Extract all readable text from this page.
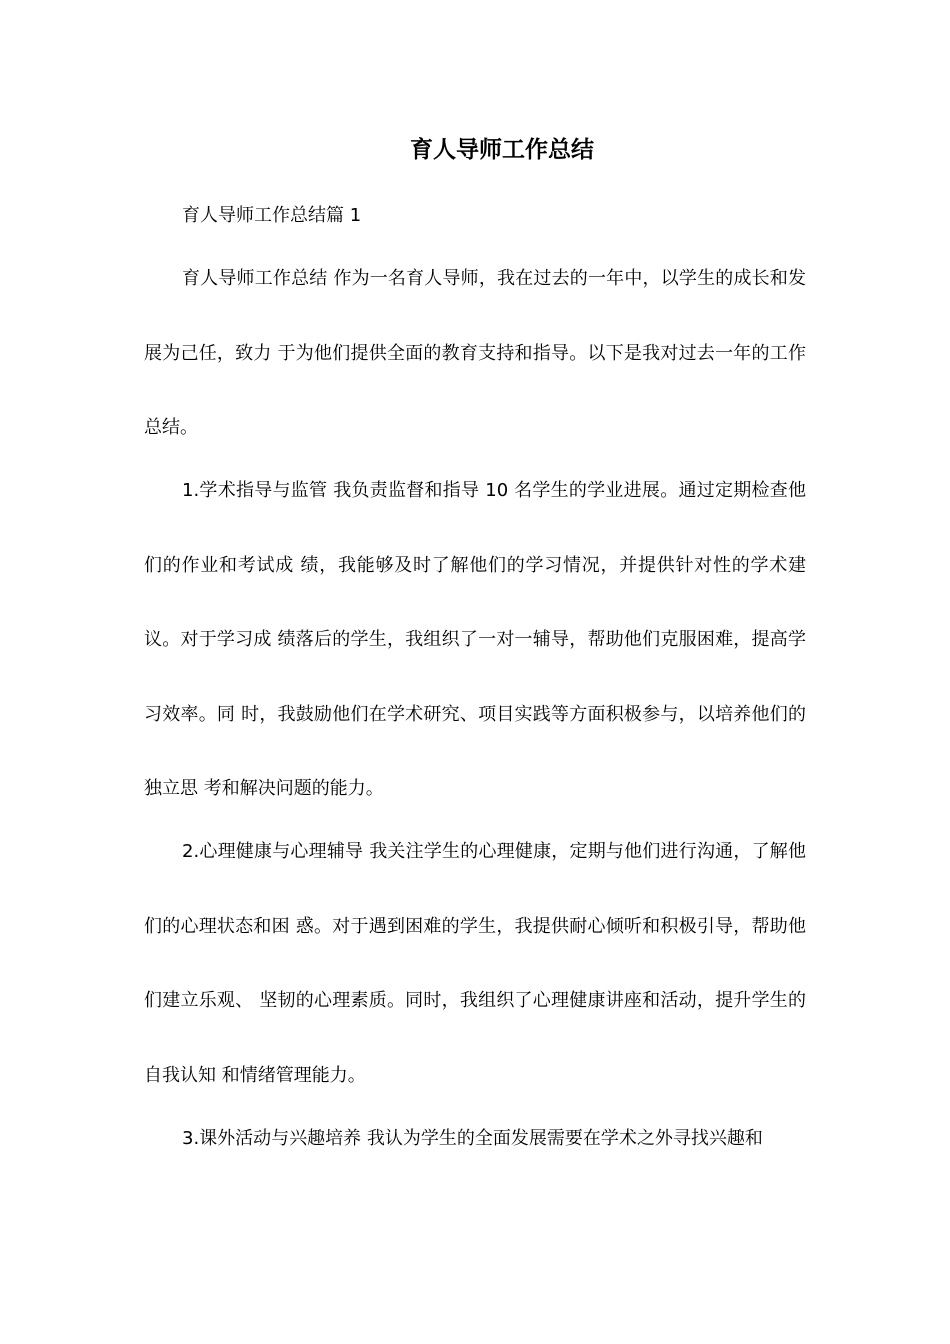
育人导师工作总结

育人导师工作总结篇 1

育人导师工作总结 作为一名育人导师，我在过去的一年中，以学生的成长和发展为己任，致力 于为他们提供全面的教育支持和指导。以下是我对过去一年的工作总结。

1.学术指导与监管 我负责监督和指导 10 名学生的学业进展。通过定期检查他们的作业和考试成 绩，我能够及时了解他们的学习情况，并提供针对性的学术建议。对于学习成 绩落后的学生，我组织了一对一辅导，帮助他们克服困难，提高学习效率。同 时，我鼓励他们在学术研究、项目实践等方面积极参与，以培养他们的独立思 考和解决问题的能力。

2.心理健康与心理辅导 我关注学生的心理健康，定期与他们进行沟通，了解他们的心理状态和困 惑。对于遇到困难的学生，我提供耐心倾听和积极引导，帮助他们建立乐观、 坚韧的心理素质。同时，我组织了心理健康讲座和活动，提升学生的自我认知 和情绪管理能力。

3.课外活动与兴趣培养 我认为学生的全面发展需要在学术之外寻找兴趣和
